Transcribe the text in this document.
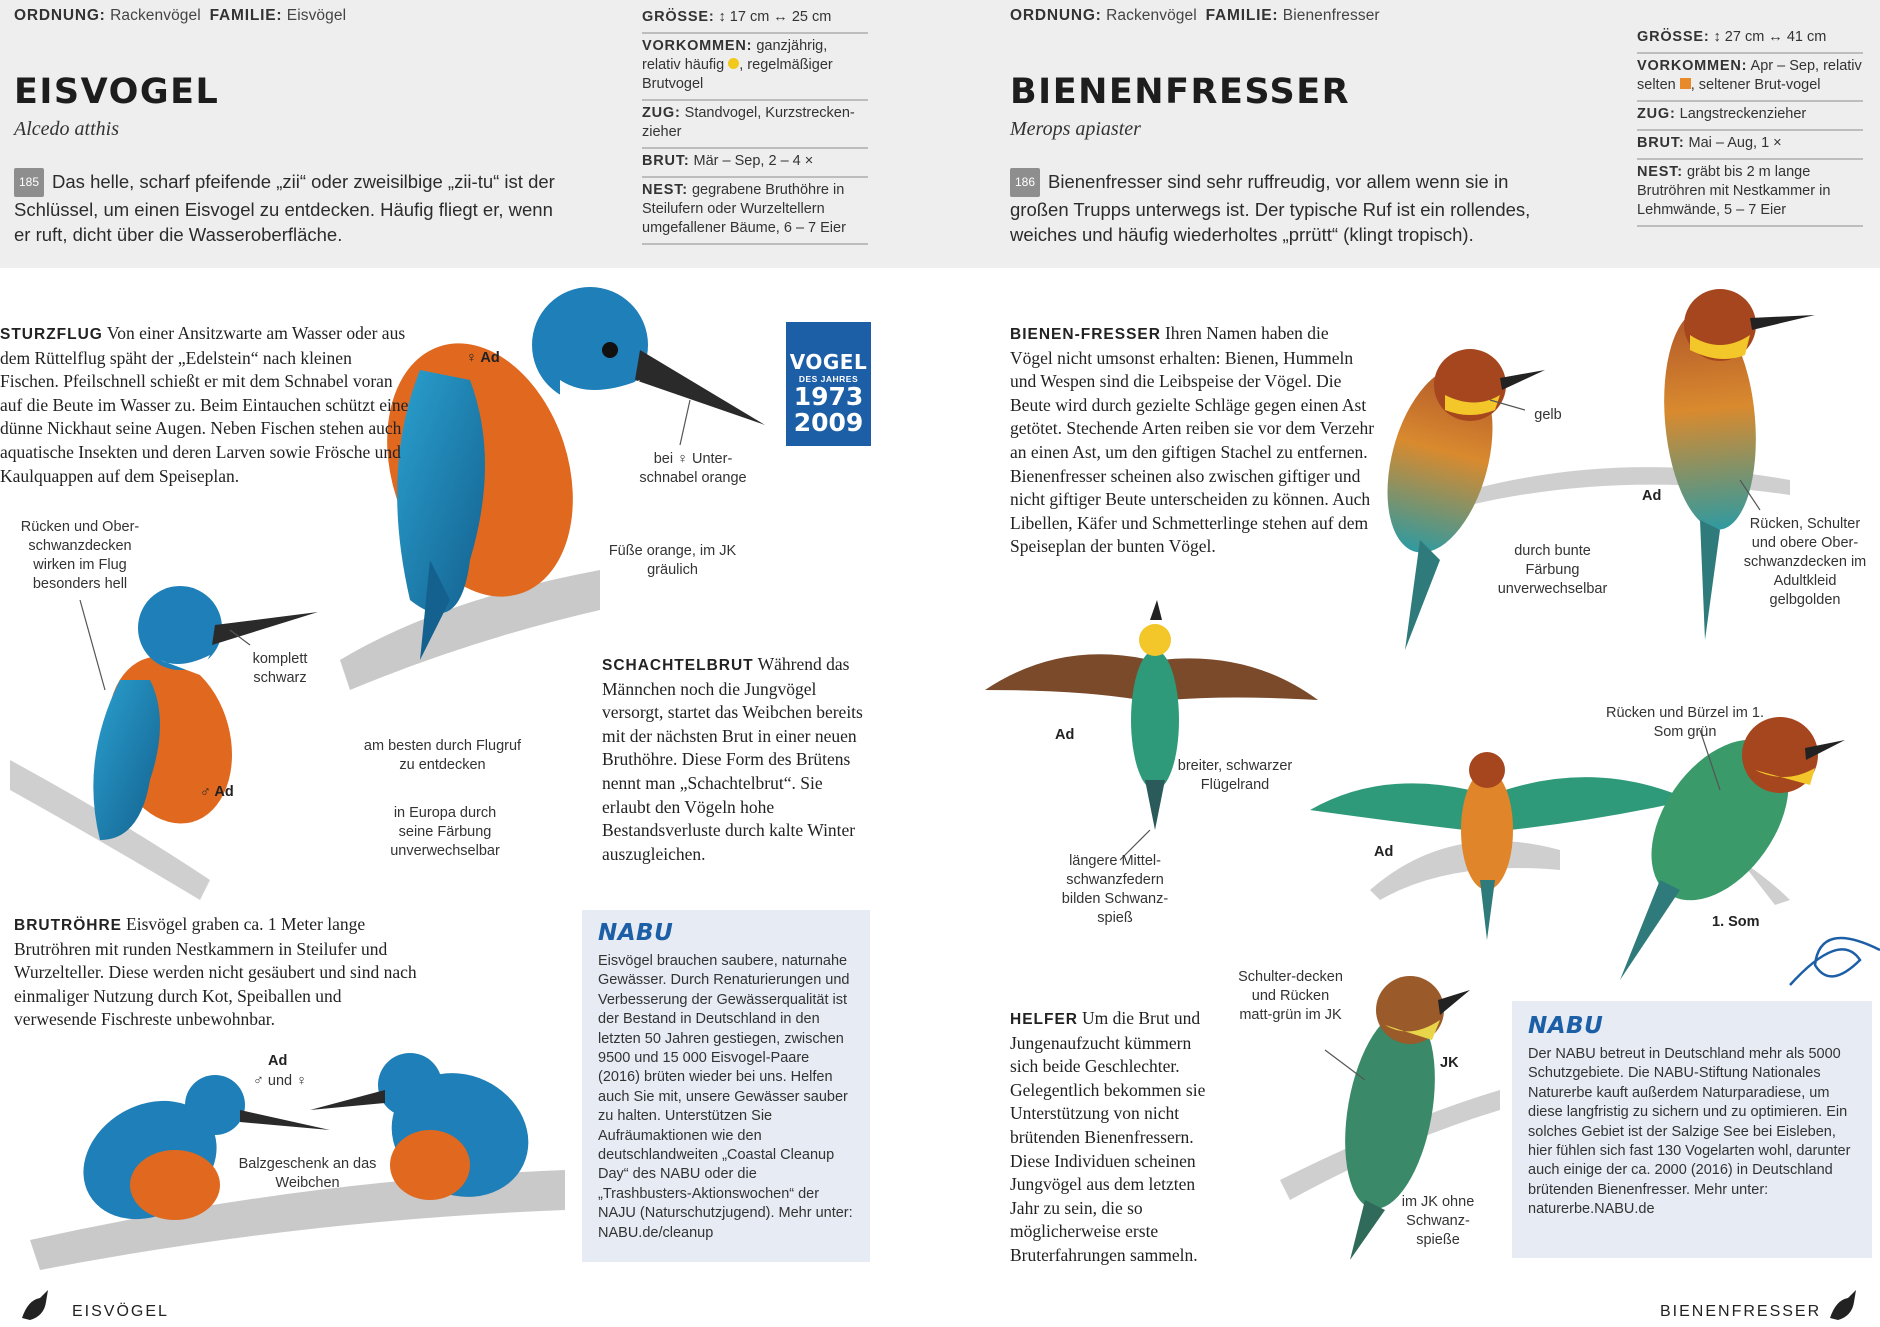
ORDNUNG: Rackenvögel FAMILIE: Eisvögel
EISVOGEL
Alcedo atthis
185 Das helle, scharf pfeifende „zii“ oder zweisilbige „zii-tu“ ist der Schlüssel, um einen Eisvogel zu entdecken. Häufig fliegt er, wenn er ruft, dicht über die Wasseroberfläche.
GRÖSSE: ↕ 17 cm ↔ 25 cm
VORKOMMEN: ganzjährig, relativ häufig , regelmäßiger Brutvogel
ZUG: Standvogel, Kurzstrecken-zieher
BRUT: Mär – Sep, 2 – 4 ×
NEST: gegrabene Bruthöhre in Steilufern oder Wurzeltellern umgefallener Bäume, 6 – 7 Eier
STURZFLUG Von einer Ansitzwarte am Wasser oder aus dem Rüttelflug späht der „Edelstein“ nach kleinen Fischen. Pfeilschnell schießt er mit dem Schnabel voran auf die Beute im Wasser zu. Beim Eintauchen schützt eine dünne Nickhaut seine Augen. Neben Fischen stehen auch aquatische Insekten und deren Larven sowie Frösche und Kaulquappen auf dem Speiseplan.
♀ Ad
bei ♀ Unter-schnabel orange
Füße orange, im JK gräulich
Rücken und Ober-schwanzdecken wirken im Flug besonders hell
komplett schwarz
♂ Ad
am besten durch Flugruf zu entdecken
in Europa durch seine Färbung unverwechselbar
VOGEL
DES JAHRES
1973
2009
SCHACHTELBRUT Während das Männchen noch die Jungvögel versorgt, startet das Weibchen bereits mit der nächsten Brut in einer neuen Bruthöhre. Diese Form des Brütens nennt man „Schachtelbrut“. Sie erlaubt den Vögeln hohe Bestandsverluste durch kalte Winter auszugleichen.
BRUTRÖHRE Eisvögel graben ca. 1 Meter lange Brutröhren mit runden Nestkammern in Steilufer und Wurzelteller. Diese werden nicht gesäubert und sind nach einmaliger Nutzung durch Kot, Speiballen und verwesende Fischreste unbewohnbar.
Ad
♂ und ♀
Balzgeschenk an das Weibchen
NABU
Eisvögel brauchen saubere, naturnahe Gewässer. Durch Renaturierungen und Verbesserung der Gewässerqualität ist der Bestand in Deutschland in den letzten 50 Jahren gestiegen, zwischen 9500 und 15 000 Eisvogel-Paare (2016) brüten wieder bei uns. Helfen auch Sie mit, unsere Gewässer sauber zu halten. Unterstützen Sie Aufräumaktionen wie den deutschlandweiten „Coastal Cleanup Day“ des NABU oder die „Trashbusters-Aktionswochen“ der NAJU (Naturschutzjugend). Mehr unter: NABU.de/cleanup
EISVÖGEL
ORDNUNG: Rackenvögel FAMILIE: Bienenfresser
BIENENFRESSER
Merops apiaster
186 Bienenfresser sind sehr ruffreudig, vor allem wenn sie in großen Trupps unterwegs ist. Der typische Ruf ist ein rollendes, weiches und häufig wiederholtes „prrütt“ (klingt tropisch).
GRÖSSE: ↕ 27 cm ↔ 41 cm
VORKOMMEN: Apr – Sep, relativ selten , seltener Brut-vogel
ZUG: Langstreckenzieher
BRUT: Mai – Aug, 1 ×
NEST: gräbt bis 2 m lange Brutröhren mit Nestkammer in Lehmwände, 5 – 7 Eier
BIENEN-FRESSER Ihren Namen haben die Vögel nicht umsonst erhalten: Bienen, Hummeln und Wespen sind die Leibspeise der Vögel. Die Beute wird durch gezielte Schläge gegen einen Ast getötet. Stechende Arten reiben sie vor dem Verzehr an einen Ast, um den giftigen Stachel zu entfernen. Bienenfresser scheinen also zwischen giftiger und nicht giftiger Beute unterscheiden zu können. Auch Libellen, Käfer und Schmetterlinge stehen auf dem Speiseplan der bunten Vögel.
gelb
durch bunte Färbung unverwechselbar
Ad
Rücken, Schulter und obere Ober-schwanzdecken im Adultkleid gelbgolden
Ad
breiter, schwarzer Flügelrand
längere Mittel-schwanzfedern bilden Schwanz-spieß
Ad
Rücken und Bürzel im 1. Som grün
1. Som
HELFER Um die Brut und Jungenaufzucht kümmern sich beide Geschlechter. Gelegentlich bekommen sie Unterstützung von nicht brütenden Bienenfressern. Diese Individuen scheinen Jungvögel aus dem letzten Jahr zu sein, die so möglicherweise erste Bruterfahrungen sammeln.
Schulter-decken und Rücken matt-grün im JK
JK
im JK ohne Schwanz-spieße
NABU
Der NABU betreut in Deutschland mehr als 5000 Schutzgebiete. Die NABU-Stiftung Nationales Naturerbe kauft außerdem Naturparadiese, um diese langfristig zu sichern und zu optimieren. Ein solches Gebiet ist der Salzige See bei Eisleben, hier fühlen sich fast 130 Vogelarten wohl, darunter auch einige der ca. 2000 (2016) in Deutschland brütenden Bienenfresser. Mehr unter: naturerbe.NABU.de
BIENENFRESSER
